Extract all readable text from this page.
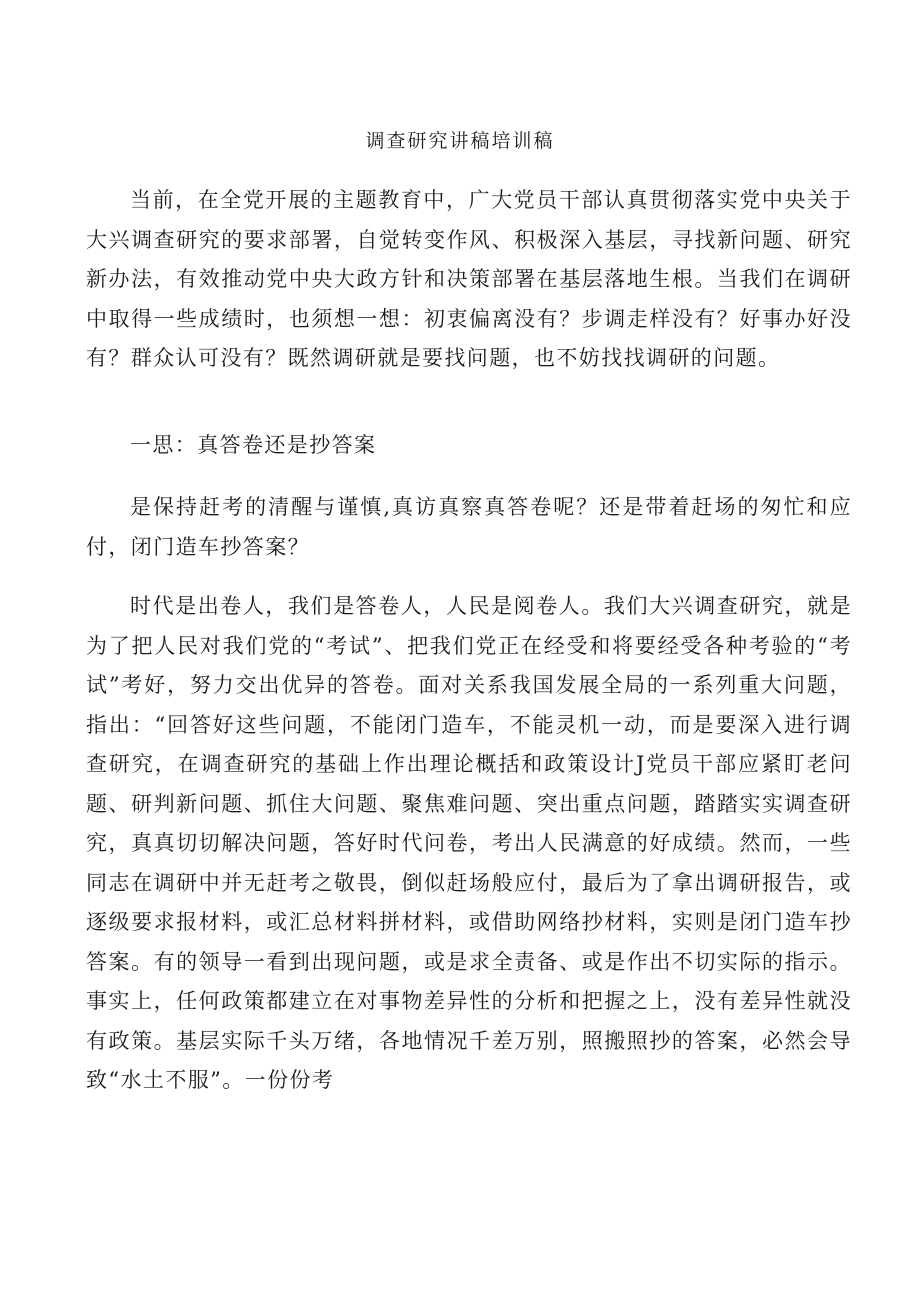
调查研究讲稿培训稿

当前，在全党开展的主题教育中，广大党员干部认真贯彻落实党中央关于大兴调查研究的要求部署，自觉转变作风、积极深入基层，寻找新问题、研究新办法，有效推动党中央大政方针和决策部署在基层落地生根。当我们在调研中取得一些成绩时，也须想一想：初衷偏离没有？步调走样没有？好事办好没有？群众认可没有？既然调研就是要找问题，也不妨找找调研的问题。

一思：真答卷还是抄答案

是保持赶考的清醒与谨慎,真访真察真答卷呢？还是带着赶场的匆忙和应付，闭门造车抄答案？

时代是出卷人，我们是答卷人，人民是阅卷人。我们大兴调查研究，就是为了把人民对我们党的“考试”、把我们党正在经受和将要经受各种考验的“考试”考好，努力交出优异的答卷。面对关系我国发展全局的一系列重大问题，指出：“回答好这些问题，不能闭门造车，不能灵机一动，而是要深入进行调查研究，在调查研究的基础上作出理论概括和政策设计J党员干部应紧盯老问题、研判新问题、抓住大问题、聚焦难问题、突出重点问题，踏踏实实调查研究，真真切切解决问题，答好时代问卷，考出人民满意的好成绩。然而，一些同志在调研中并无赶考之敬畏，倒似赶场般应付，最后为了拿出调研报告，或逐级要求报材料，或汇总材料拼材料，或借助网络抄材料，实则是闭门造车抄答案。有的领导一看到出现问题，或是求全责备、或是作出不切实际的指示。事实上，任何政策都建立在对事物差异性的分析和把握之上，没有差异性就没有政策。基层实际千头万绪，各地情况千差万别，照搬照抄的答案，必然会导致“水土不服”。一份份考
